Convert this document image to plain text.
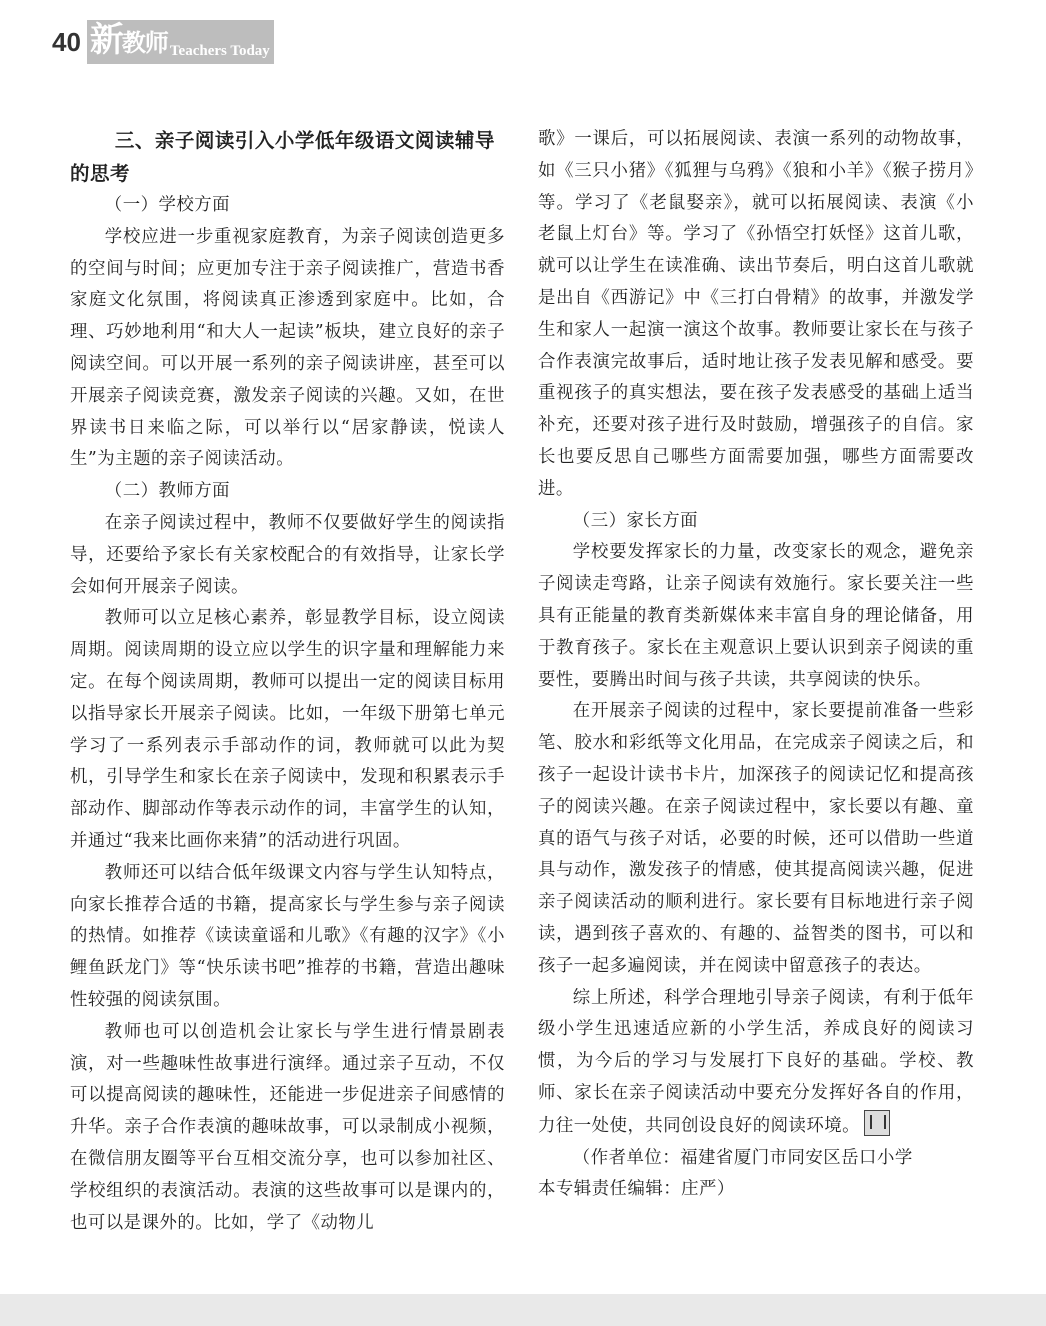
40 新教师 Teachers Today
三、亲子阅读引入小学低年级语文阅读辅导的思考

（一）学校方面

学校应进一步重视家庭教育，为亲子阅读创造更多的空间与时间；应更加专注于亲子阅读推广，营造书香家庭文化氛围，将阅读真正渗透到家庭中。比如，合理、巧妙地利用“和大人一起读”板块，建立良好的亲子阅读空间。可以开展一系列的亲子阅读讲座，甚至可以开展亲子阅读竞赛，激发亲子阅读的兴趣。又如，在世界读书日来临之际，可以举行以“居家静读，悦读人生”为主题的亲子阅读活动。

（二）教师方面

在亲子阅读过程中，教师不仅要做好学生的阅读指导，还要给予家长有关家校配合的有效指导，让家长学会如何开展亲子阅读。

教师可以立足核心素养，彰显教学目标，设立阅读周期。阅读周期的设立应以学生的识字量和理解能力来定。在每个阅读周期，教师可以提出一定的阅读目标用以指导家长开展亲子阅读。比如，一年级下册第七单元学习了一系列表示手部动作的词，教师就可以此为契机，引导学生和家长在亲子阅读中，发现和积累表示手部动作、脚部动作等表示动作的词，丰富学生的认知，并通过“我来比画你来猜”的活动进行巩固。

教师还可以结合低年级课文内容与学生认知特点，向家长推荐合适的书籍，提高家长与学生参与亲子阅读的热情。如推荐《读读童谣和儿歌》《有趣的汉字》《小鲤鱼跃龙门》等“快乐读书吧”推荐的书籍，营造出趣味性较强的阅读氛围。

教师也可以创造机会让家长与学生进行情景剧表演，对一些趣味性故事进行演绎。通过亲子互动，不仅可以提高阅读的趣味性，还能进一步促进亲子间感情的升华。亲子合作表演的趣味故事，可以录制成小视频，在微信朋友圈等平台互相交流分享，也可以参加社区、学校组织的表演活动。表演的这些故事可以是课内的，也可以是课外的。比如，学了《动物儿

歌》一课后，可以拓展阅读、表演一系列的动物故事，如《三只小猪》《狐狸与乌鸦》《狼和小羊》《猴子捞月》等。学习了《老鼠娶亲》，就可以拓展阅读、表演《小老鼠上灯台》等。学习了《孙悟空打妖怪》这首儿歌，就可以让学生在读准确、读出节奏后，明白这首儿歌就是出自《西游记》中《三打白骨精》的故事，并激发学生和家人一起演一演这个故事。教师要让家长在与孩子合作表演完故事后，适时地让孩子发表见解和感受。要重视孩子的真实想法，要在孩子发表感受的基础上适当补充，还要对孩子进行及时鼓励，增强孩子的自信。家长也要反思自己哪些方面需要加强，哪些方面需要改进。

（三）家长方面

学校要发挥家长的力量，改变家长的观念，避免亲子阅读走弯路，让亲子阅读有效施行。家长要关注一些具有正能量的教育类新媒体来丰富自身的理论储备，用于教育孩子。家长在主观意识上要认识到亲子阅读的重要性，要腾出时间与孩子共读，共享阅读的快乐。

在开展亲子阅读的过程中，家长要提前准备一些彩笔、胶水和彩纸等文化用品，在完成亲子阅读之后，和孩子一起设计读书卡片，加深孩子的阅读记忆和提高孩子的阅读兴趣。在亲子阅读过程中，家长要以有趣、童真的语气与孩子对话，必要的时候，还可以借助一些道具与动作，激发孩子的情感，使其提高阅读兴趣，促进亲子阅读活动的顺利进行。家长要有目标地进行亲子阅读，遇到孩子喜欢的、有趣的、益智类的图书，可以和孩子一起多遍阅读，并在阅读中留意孩子的表达。

综上所述，科学合理地引导亲子阅读，有利于低年级小学生迅速适应新的小学生活，养成良好的阅读习惯，为今后的学习与发展打下良好的基础。学校、教师、家长在亲子阅读活动中要充分发挥好各自的作用，力往一处使，共同创设良好的阅读环境。

（作者单位：福建省厦门市同安区岳口小学

本专辑责任编辑：庄严）
